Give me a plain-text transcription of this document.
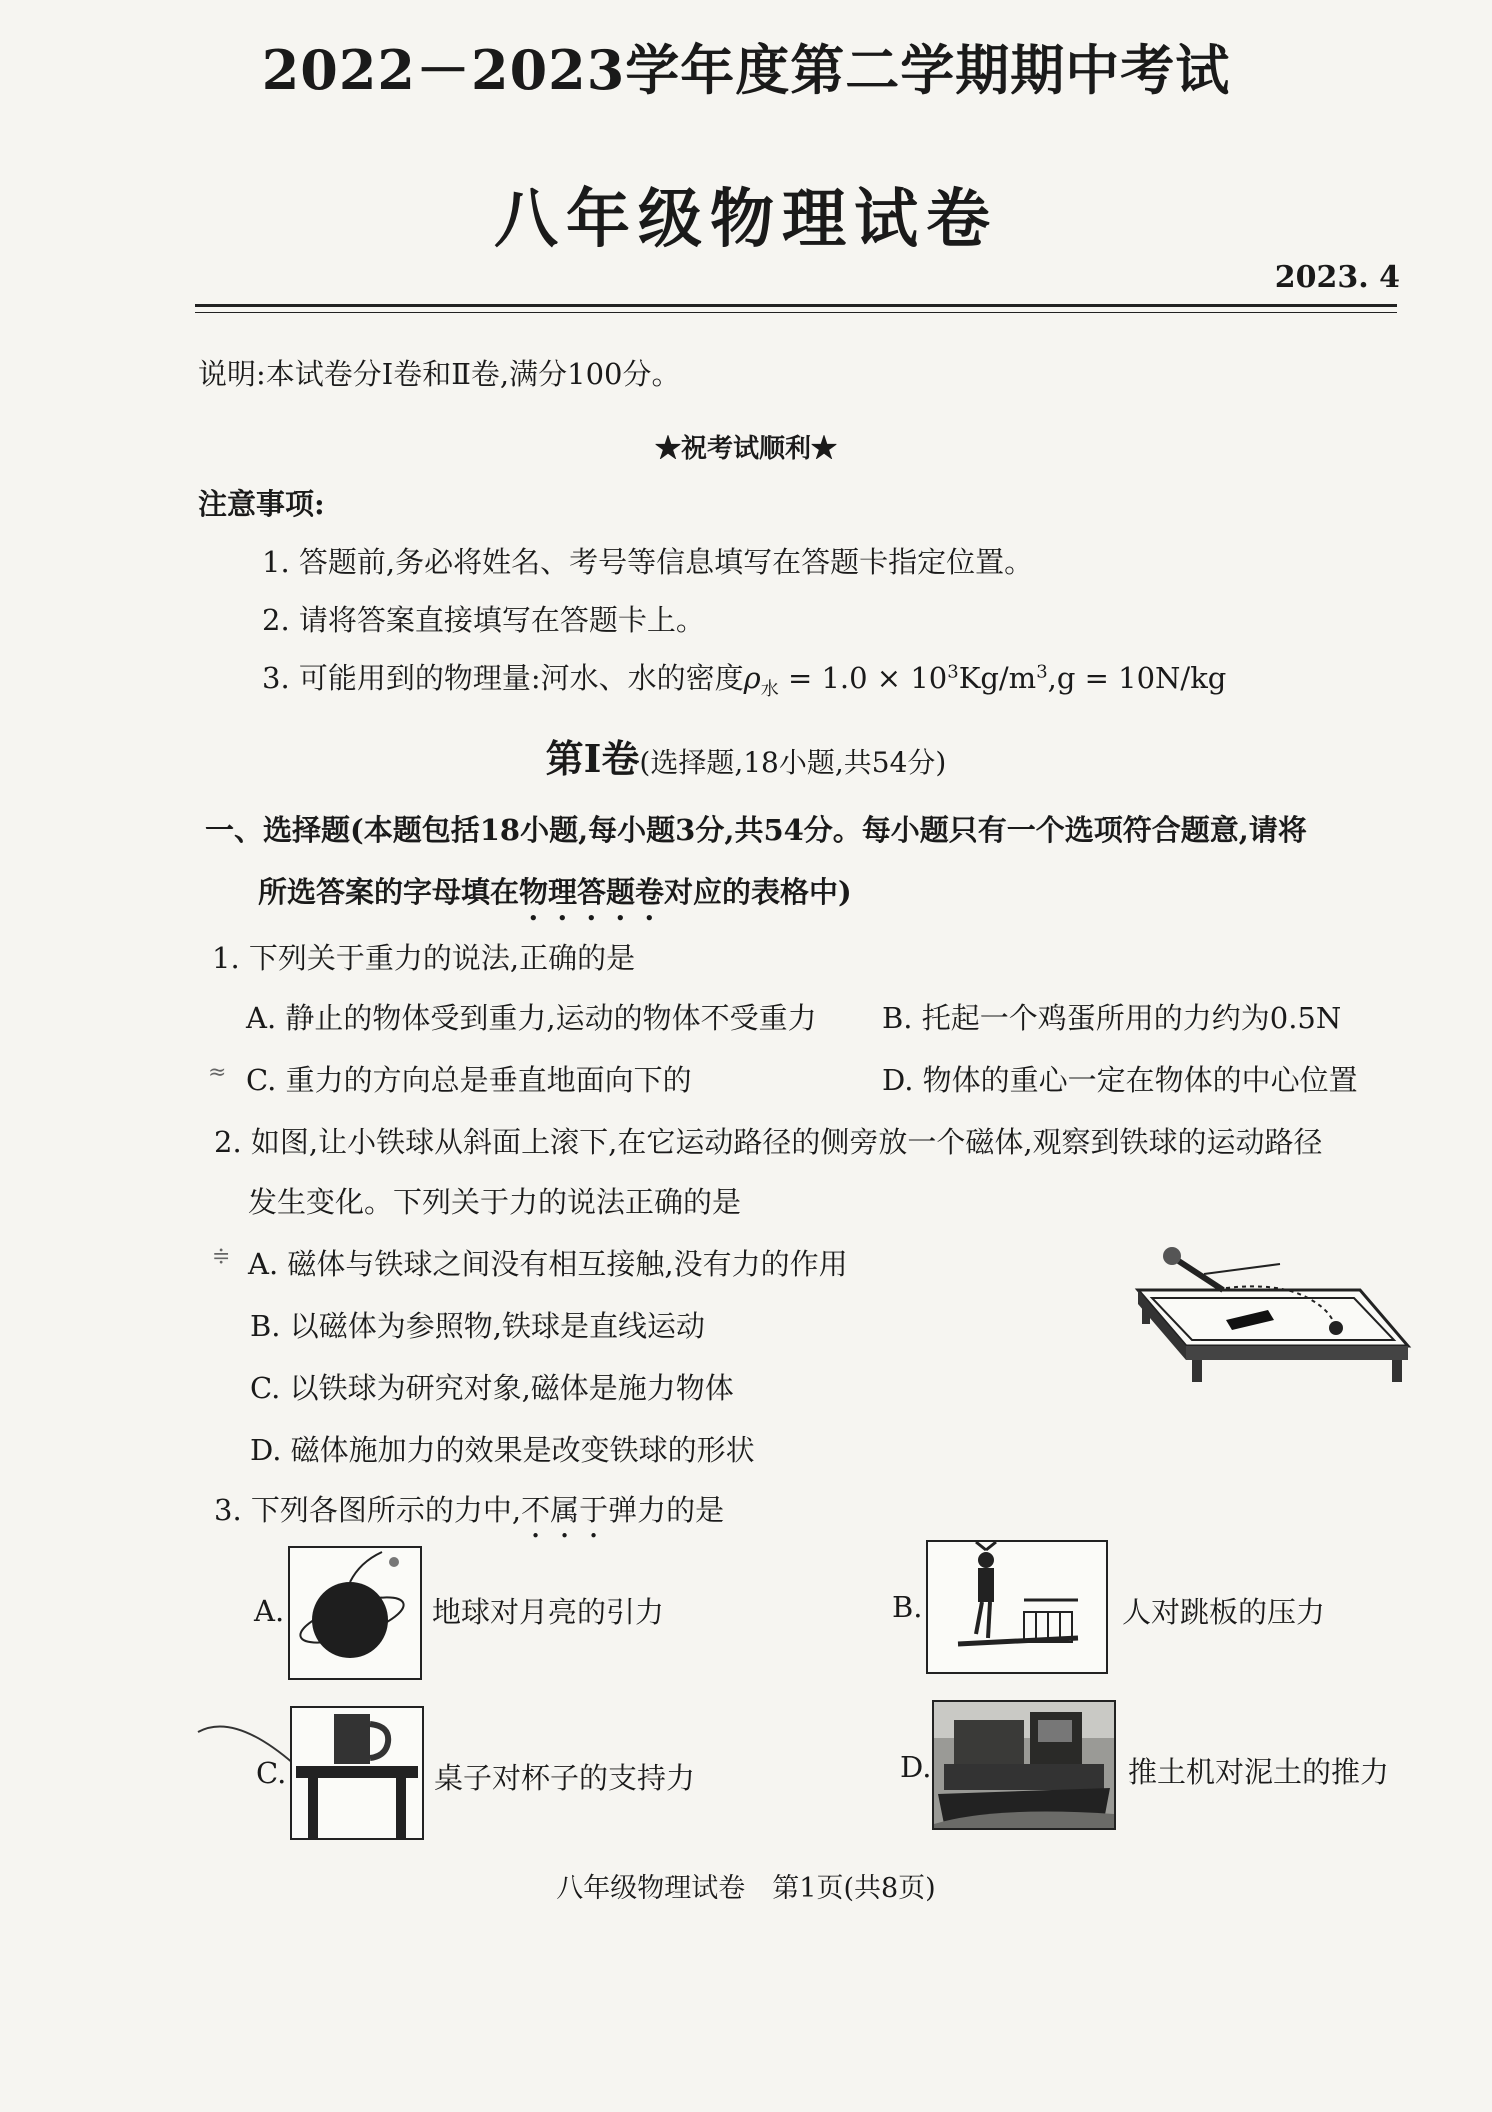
2022－2023学年度第二学期期中考试
八年级物理试卷
2023. 4
说明:本试卷分Ⅰ卷和Ⅱ卷,满分100分。
★祝考试顺利★
注意事项:
1. 答题前,务必将姓名、考号等信息填写在答题卡指定位置。
2. 请将答案直接填写在答题卡上。
3. 可能用到的物理量:河水、水的密度$\rho_水 = 1.0 \times 10^3Kg/m^3,g = 10N/kg$
第Ⅰ卷(选择题,18小题,共54分)
一、选择题(本题包括18小题,每小题3分,共54分。每小题只有一个选项符合题意,请将
所选答案的字母填在物理答题卷对应的表格中)
1. 下列关于重力的说法,正确的是
A. 静止的物体受到重力,运动的物体不受重力 B. 托起一个鸡蛋所用的力约为0.5N
≈ C. 重力的方向总是垂直地面向下的	D. 物体的重心一定在物体的中心位置
2. 如图,让小铁球从斜面上滚下,在它运动路径的侧旁放一个磁体,观察到铁球的运动路径
发生变化。下列关于力的说法正确的是
≑ A. 磁体与铁球之间没有相互接触,没有力的作用
B. 以磁体为参照物,铁球是直线运动
C. 以铁球为研究对象,磁体是施力物体
D. 磁体施加力的效果是改变铁球的形状
3. 下列各图所示的力中,不属于弹力的是
A.	地球对月亮的引力	B.	人对跳板的压力
C.	桌子对杯子的支持力	D.	推土机对泥土的推力
八年级物理试卷　第1页(共8页)
